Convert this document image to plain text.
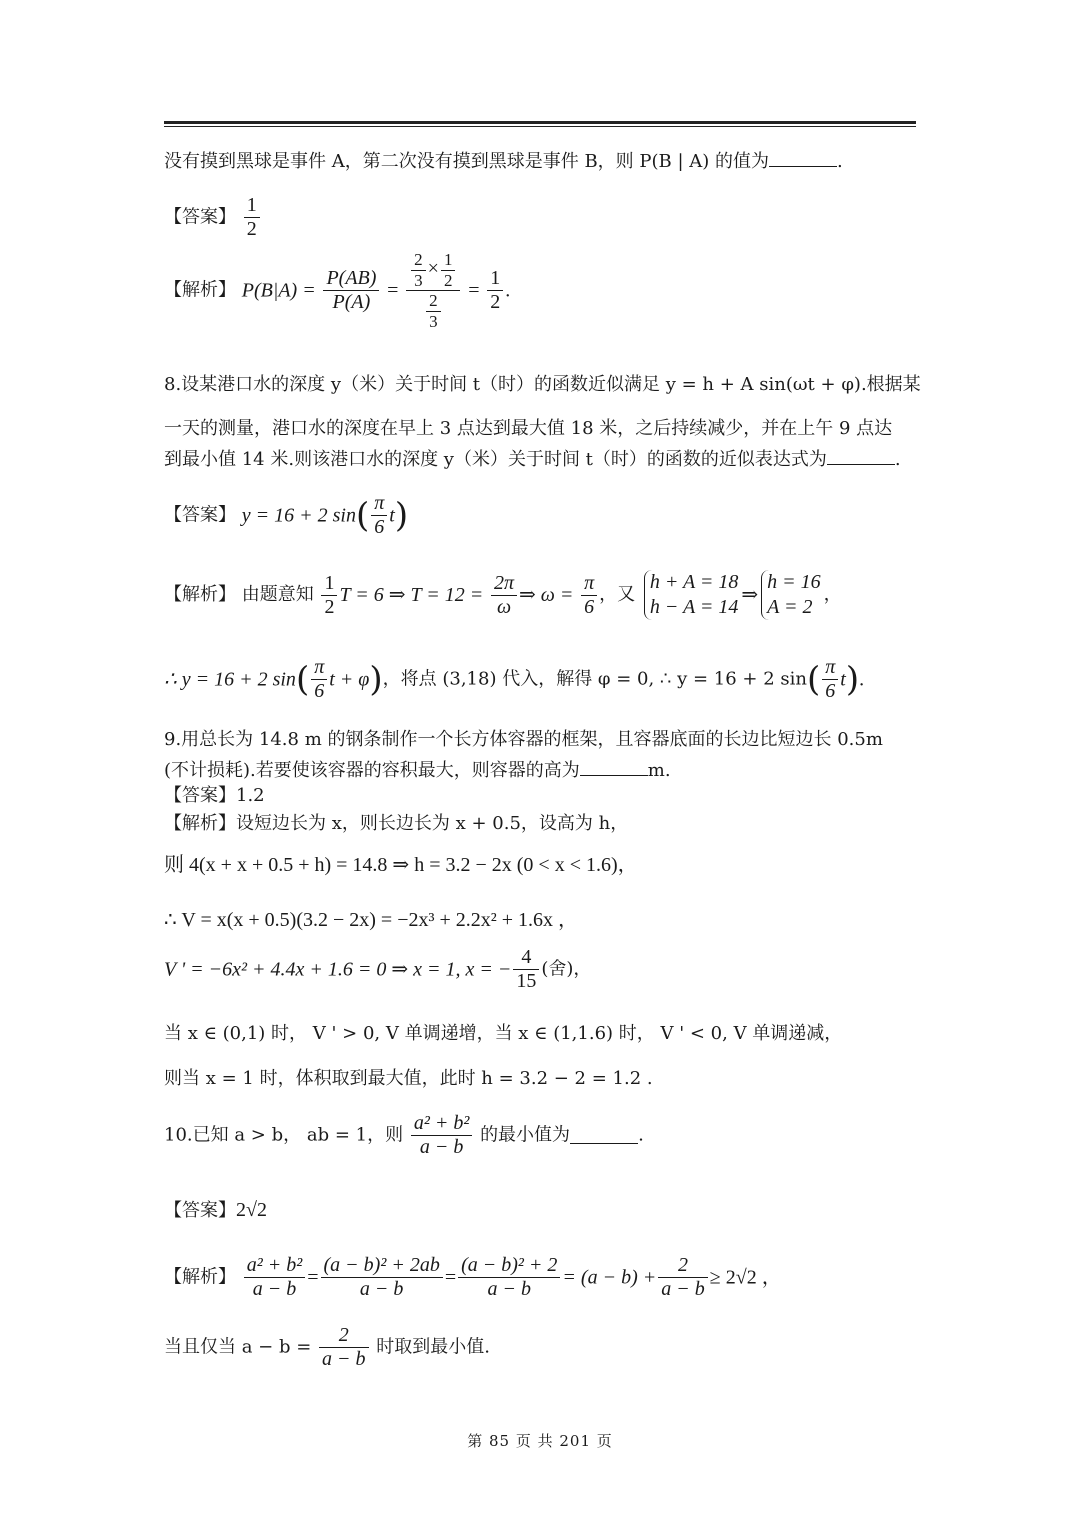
没有摸到黑球是事件 A，第二次没有摸到黑球是事件 B，则 P(B | A) 的值为	.
【答案】 $\frac{1}{2}$
【解析】 $P(B|A) = \frac{P(AB)}{P(A)} = \frac{\frac{2}{3} \times \frac{1}{2}}{\frac{2}{3}} = \frac{1}{2}$ .
8.设某港口水的深度 y（米）关于时间 t（时）的函数近似满足 y = h + A sin(ωt + φ).根据某
一天的测量，港口水的深度在早上 3 点达到最大值 18 米，之后持续减少，并在上午 9 点达
到最小值 14 米.则该港口水的深度 y（米）关于时间 t（时）的函数的近似表达式为	.
【答案】 y = 16 + 2 $\sin( \frac{\pi}{6} t)$
【解析】 由题意知 $\frac{1}{2}$ T = 6 ⇒ $T = 12 = \frac{2\pi}{\omega}$ ⇒ $\omega = \frac{\pi}{6}$ ，又 h + A = 18
h − A = 14⇒h = 16
A = 2，
∴ y = 16 + 2 $\sin( \frac{\pi}{6}$ t + φ)，将点 (3,18) 代入，解得 φ = 0, ∴ y = 16 + 2 $\sin( \frac{\pi}{6} t)$.
9.用总长为 14.8 m 的钢条制作一个长方体容器的框架，且容器底面的长边比短边长 0.5m
(不计损耗).若要使该容器的容积最大，则容器的高为	m.
【答案】1.2
【解析】设短边长为 x，则长边长为 x + 0.5，设高为 h，
则 4(x + x + 0.5 + h) = 14.8 ⇒ h = 3.2 − 2x (0 < x < 1.6)，
∴ V = x(x + 0.5)(3.2 − 2x) = −2x³ + 2.2x² + 1.6x ，
V ' = −6x² + 4.4x + 1.6 = 0 ⇒ x = 1, x = − $\frac{4}{15}$ (舍)，
当 x ∈ (0,1) 时， V ' > 0, V 单调递增，当 x ∈ (1,1.6) 时， V ' < 0, V 单调递减，
则当 x = 1 时，体积取到最大值，此时 h = 3.2 − 2 = 1.2 .
10.已知 a > b， ab = 1，则 $\frac{\text{a² + b²}}{a - b}$ 的最小值为	.
【答案】2√2
【解析】 $\frac{\text{a² + b²}}{a - b} = \frac{\text{(a − b)² + 2ab}}{a - b} = \frac{\text{(a − b)² + 2}}{a - b} = (a - b) + \frac{2}{a - b} \ge 2√2$ ，
当且仅当 $a - b = \frac{2}{a - b}$ 时取到最小值.
第 85 页 共 201 页
